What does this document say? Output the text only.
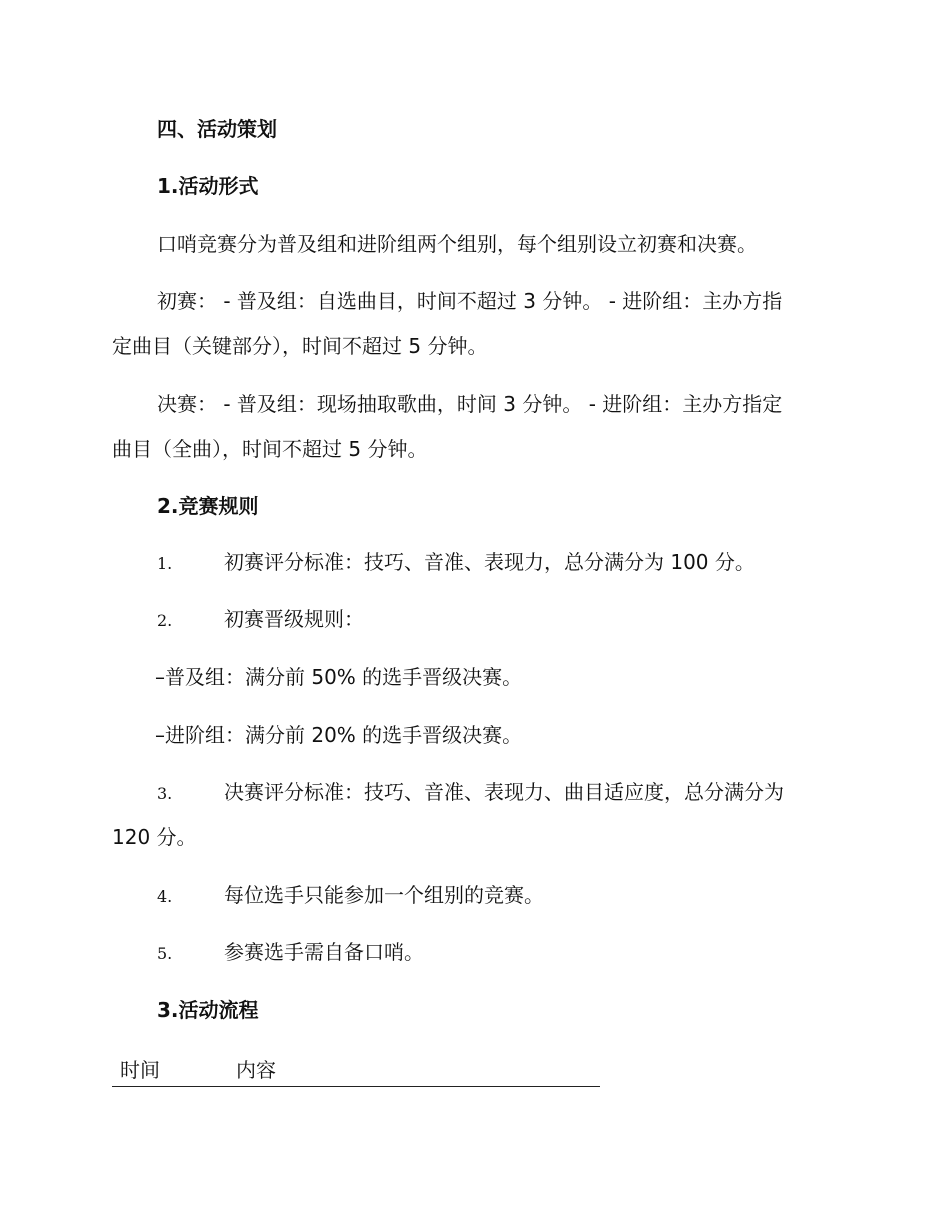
四、活动策划
1.活动形式
口哨竞赛分为普及组和进阶组两个组别，每个组别设立初赛和决赛。
初赛： - 普及组：自选曲目，时间不超过 3 分钟。 - 进阶组：主办方指
定曲目（关键部分），时间不超过 5 分钟。
决赛： - 普及组：现场抽取歌曲，时间 3 分钟。 - 进阶组：主办方指定
曲目（全曲），时间不超过 5 分钟。
2.竞赛规则
1.	初赛评分标准：技巧、音准、表现力，总分满分为 100 分。
2.	初赛晋级规则：
–普及组：满分前 50% 的选手晋级决赛。
–进阶组：满分前 20% 的选手晋级决赛。
3.	决赛评分标准：技巧、音准、表现力、曲目适应度，总分满分为
120 分。
4.	每位选手只能参加一个组别的竞赛。
5.	参赛选手需自备口哨。
3.活动流程
时间	内容
